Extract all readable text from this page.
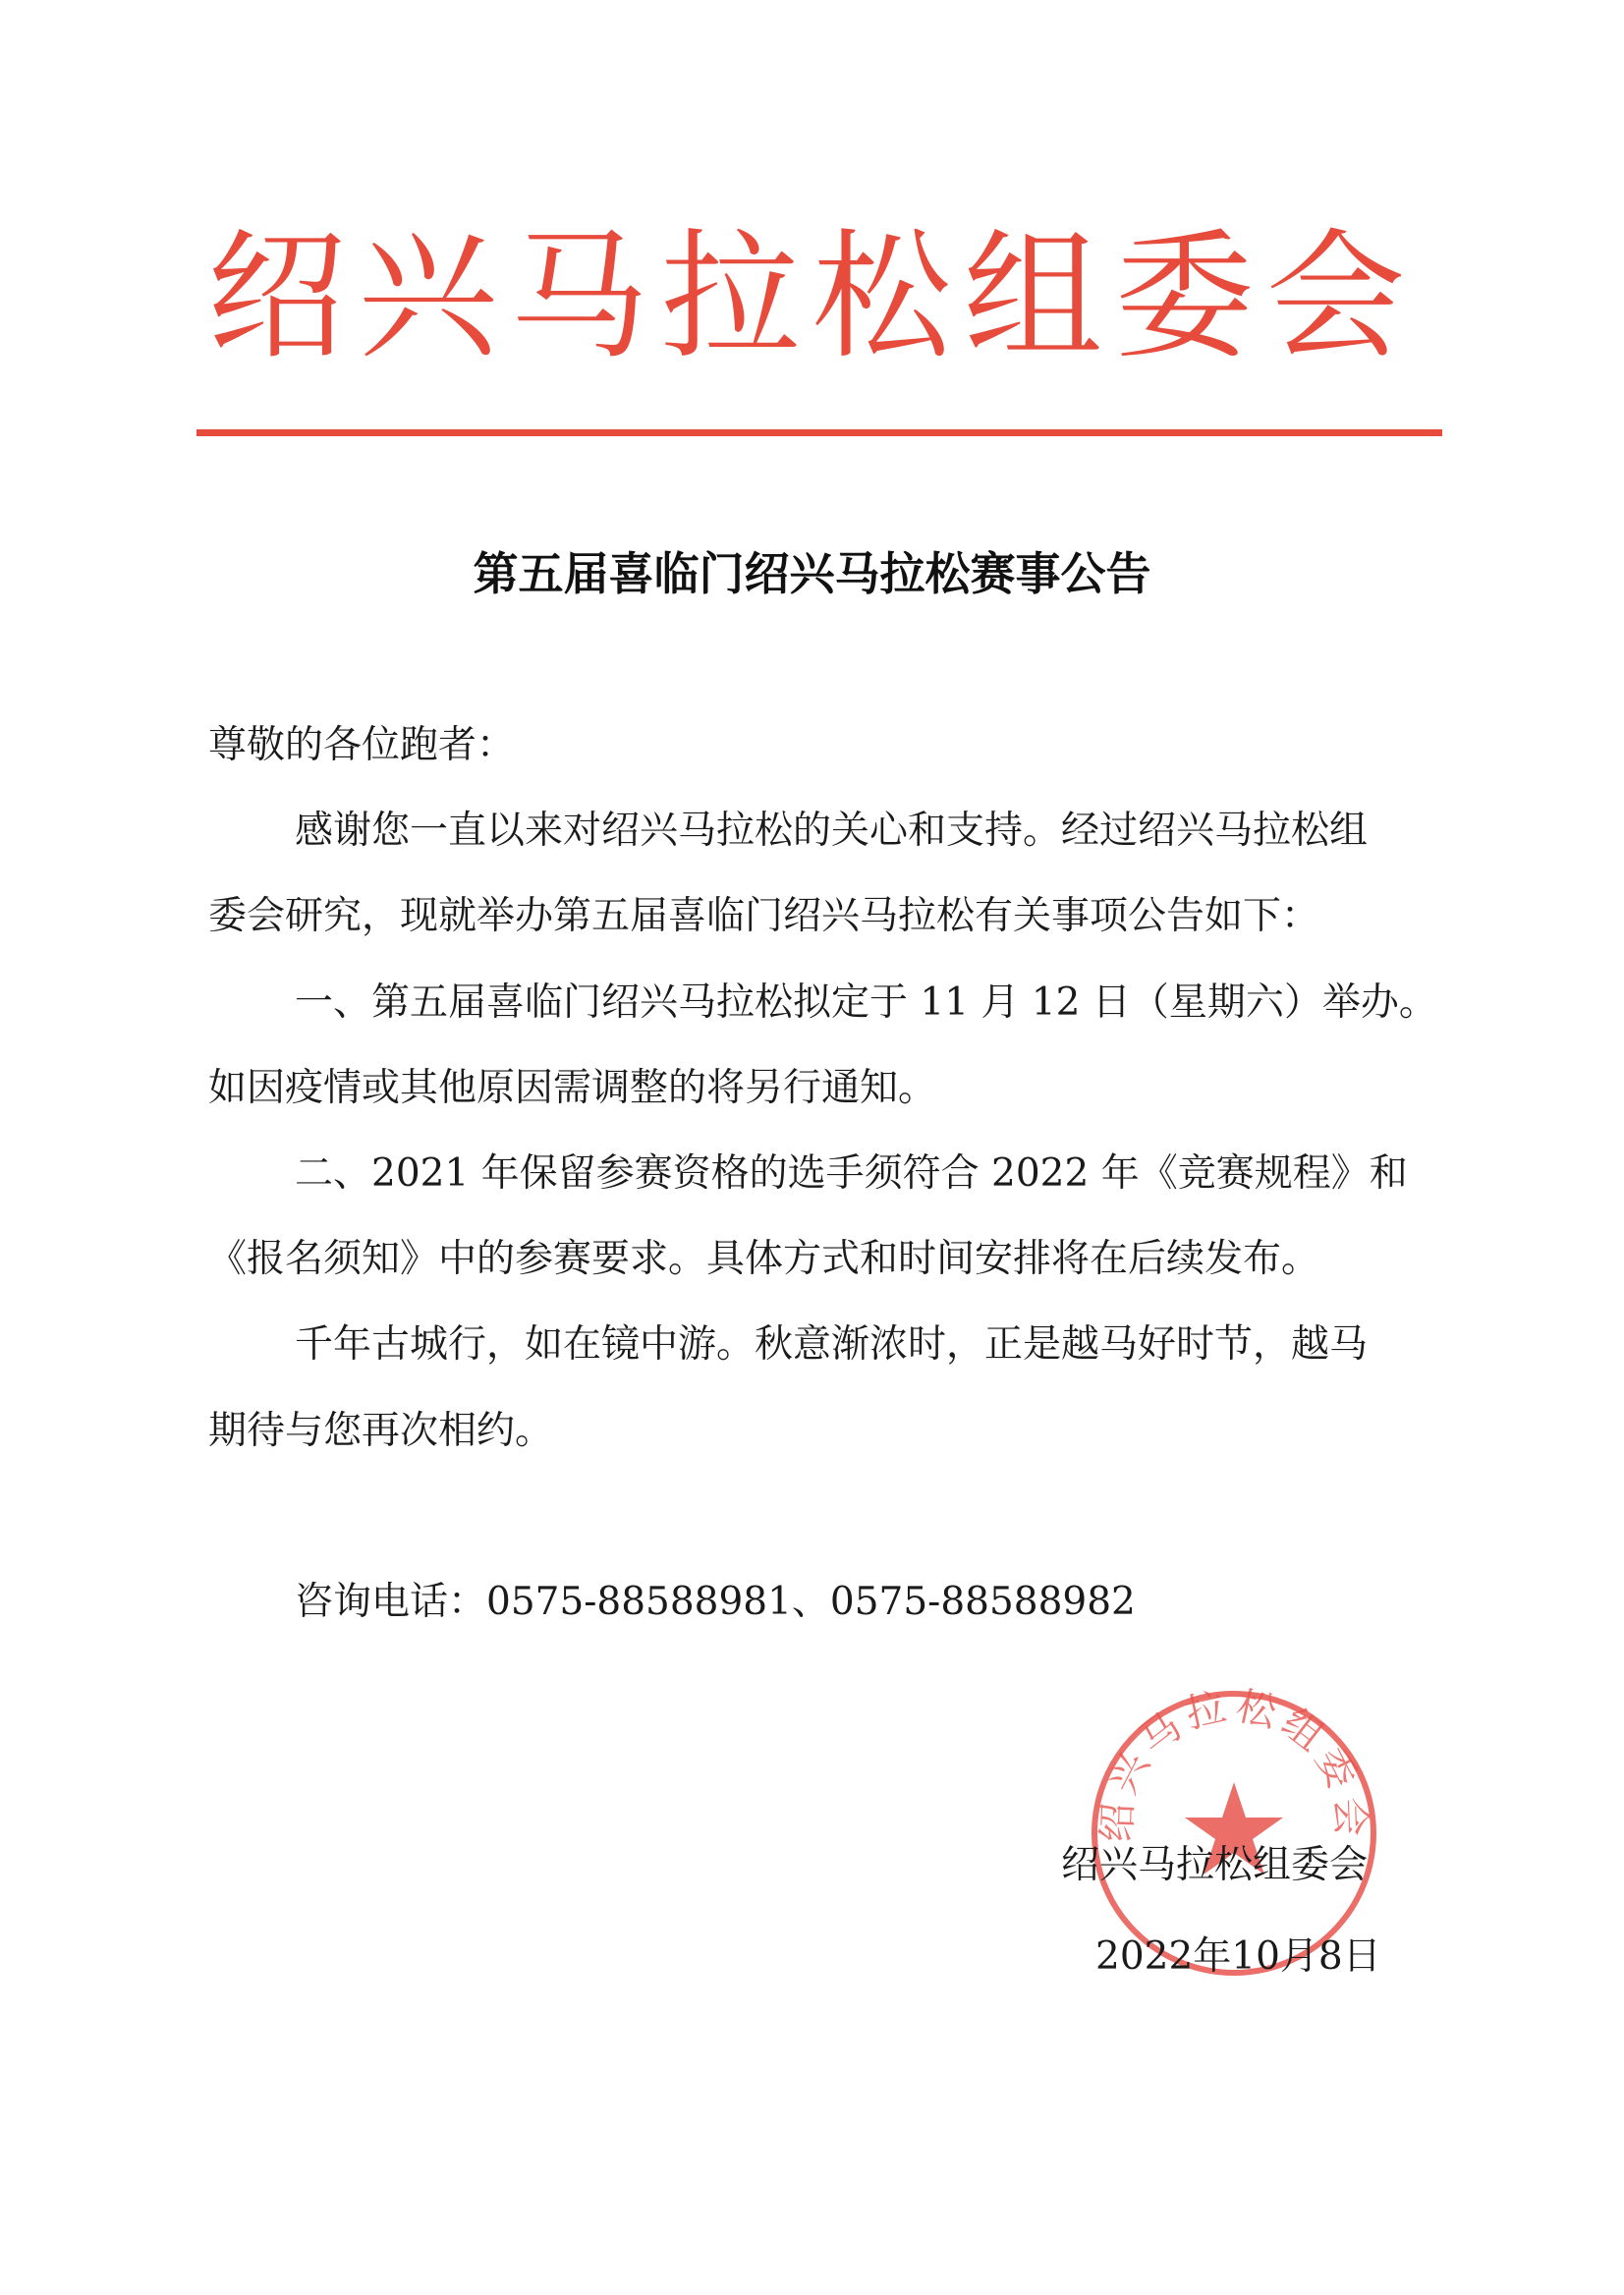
绍兴马拉松组委会
第五届喜临门绍兴马拉松赛事公告
尊敬的各位跑者：
感谢您一直以来对绍兴马拉松的关心和支持。经过绍兴马拉松组
委会研究，现就举办第五届喜临门绍兴马拉松有关事项公告如下：
一、第五届喜临门绍兴马拉松拟定于 11 月 12 日（星期六）举办。
如因疫情或其他原因需调整的将另行通知。
二、2021 年保留参赛资格的选手须符合 2022 年《竞赛规程》和
《报名须知》中的参赛要求。具体方式和时间安排将在后续发布。
千年古城行，如在镜中游。秋意渐浓时，正是越马好时节，越马
期待与您再次相约。
咨询电话：0575-88588981、0575-88588982
绍兴马拉松组委会
绍兴马拉松组委会
2022年10月8日
